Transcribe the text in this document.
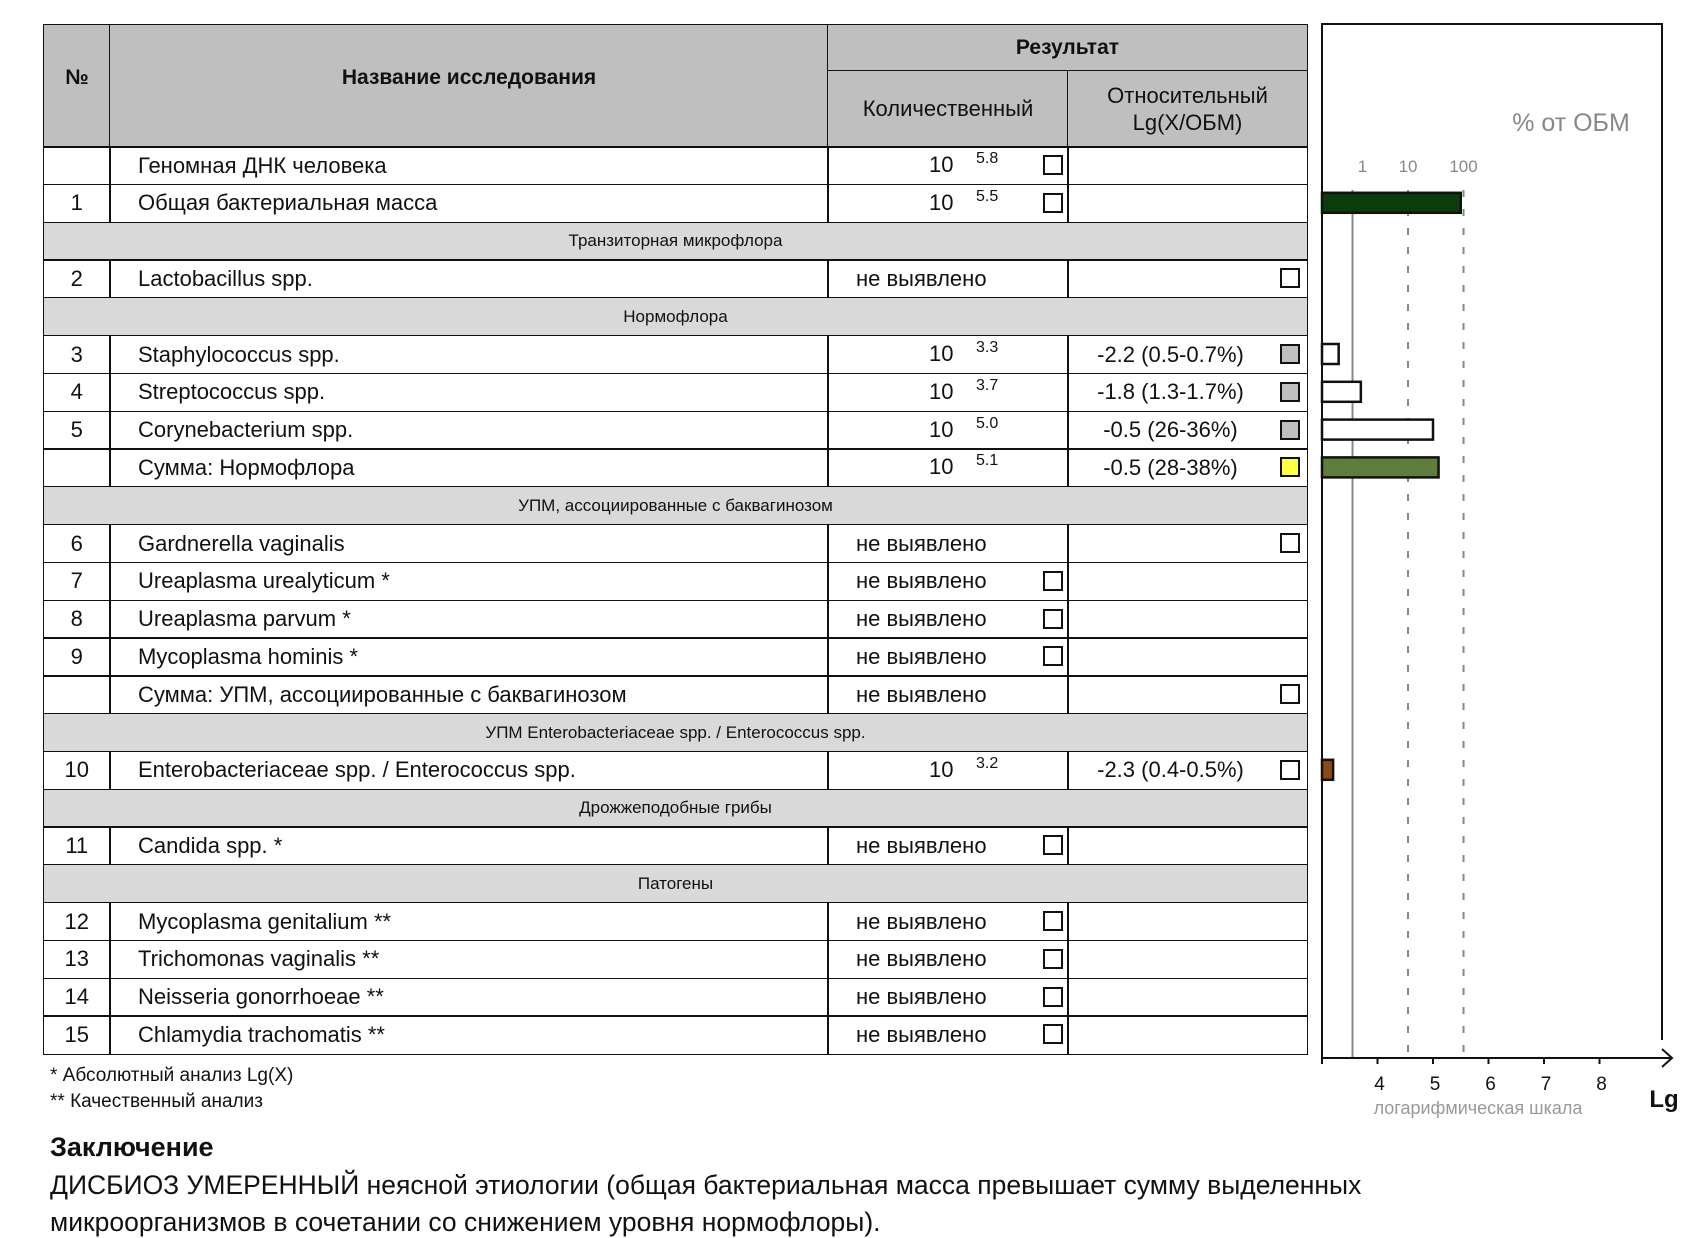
№	Название исследования
Результат
Количественный
Относительный
Lg(X/ОБМ)
Геномная ДНК человека	10 5.8
1	Общая бактериальная масса	10 5.5
Транзиторная микрофлора
2	Lactobacillus spp.	не выявлено
Нормофлора
3	Staphylococcus spp.	10 3.3	-2.2 (0.5-0.7%)
4	Streptococcus spp.	10 3.7	-1.8 (1.3-1.7%)
5	Corynebacterium spp.	10 5.0	-0.5 (26-36%)
Сумма: Нормофлора	10 5.1	-0.5 (28-38%)
УПМ, ассоциированные с баквагинозом
6	Gardnerella vaginalis	не выявлено
7	Ureaplasma urealyticum *	не выявлено
8	Ureaplasma parvum *	не выявлено
9	Mycoplasma hominis *	не выявлено
Сумма: УПМ, ассоциированные с баквагинозом	не выявлено
УПМ Enterobacteriaceae spp. / Enterococcus spp.
10 Enterobacteriaceae spp. / Enterococcus spp.	10 3.2	-2.3 (0.4-0.5%)
Дрожжеподобные грибы
11 Candida spp. *	не выявлено
Патогены
12 Mycoplasma genitalium **	не выявлено
13 Trichomonas vaginalis **	не выявлено
14 Neisseria gonorrhoeae **	не выявлено
15 Chlamydia trachomatis **	не выявлено
1 10 100
4 5 6 7 8
логарифмическая шкала	Lg
% от ОБМ
* Абсолютный анализ Lg(X)
** Качественный анализ
Заключение
ДИСБИОЗ УМЕРЕННЫЙ неясной этиологии (общая бактериальная масса превышает сумму выделенных
микроорганизмов в сочетании со снижением уровня нормофлоры).
